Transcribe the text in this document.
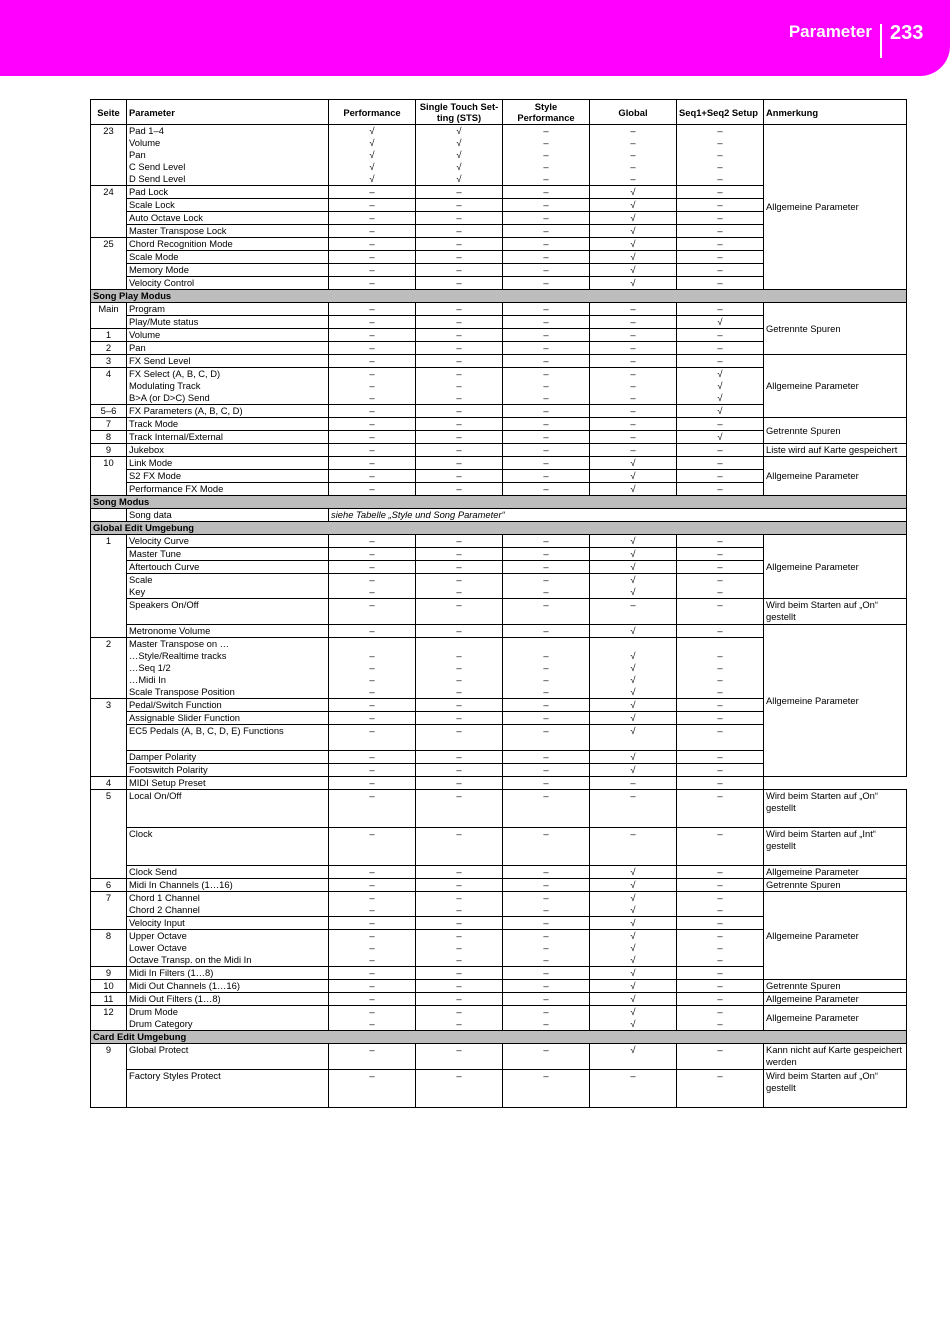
Parameter 233
Seite	Parameter	Performance	Single Touch Set-ting (STS)	Style Performance	Global	Seq1+Seq2 Setup	Anmerkung
23	Pad 1–4	√	√	–	–	–	Allgemeine Parameter
	Volume	√	√	–	–	–	
	Pan	√	√	–	–	–	
	C Send Level	√	√	–	–	–	
	D Send Level	√	√	–	–	–	
24	Pad Lock	–	–	–	√	–	
	Scale Lock	–	–	–	√	–	
	Auto Octave Lock	–	–	–	√	–	
	Master Transpose Lock	–	–	–	√	–	
25	Chord Recognition Mode	–	–	–	√	–	
	Scale Mode	–	–	–	√	–	
	Memory Mode	–	–	–	√	–	
	Velocity Control	–	–	–	√	–	
Song Play Modus							
Main	Program	–	–	–	–	–	Getrennte Spuren
	Play/Mute status	–	–	–	–	√	
1	Volume	–	–	–	–	–	
2	Pan	–	–	–	–	–	
3	FX Send Level	–	–	–	–	–	Allgemeine Parameter
4	FX Select (A, B, C, D)	–	–	–	–	√	
	Modulating Track	–	–	–	–	√	
	B>A (or D>C) Send	–	–	–	–	√	
5–6	FX Parameters (A, B, C, D)	–	–	–	–	√	
7	Track Mode	–	–	–	–	–	Getrennte Spuren
8	Track Internal/External	–	–	–	–	√	
9	Jukebox	–	–	–	–	–	Liste wird auf Karte gespeichert
10	Link Mode	–	–	–	√	–	Allgemeine Parameter
	S2 FX Mode	–	–	–	√	–	
	Performance FX Mode	–	–	–	√	–	
Song Modus							
	Song data	siehe Tabelle „Style und Song Parameter“					
Global Edit Umgebung							
1	Velocity Curve	–	–	–	√	–	Allgemeine Parameter
	Master Tune	–	–	–	√	–	
	Aftertouch Curve	–	–	–	√	–	
	Scale	–	–	–	√	–	
	Key	–	–	–	√	–	
	Speakers On/Off	–	–	–	–	–	Wird beim Starten auf „On“ gestellt
	Metronome Volume	–	–	–	√	–	Allgemeine Parameter
2	Master Transpose on …						
	…Style/Realtime tracks	–	–	–	√	–	
	…Seq 1/2	–	–	–	√	–	
	…Midi In	–	–	–	√	–	
	Scale Transpose Position	–	–	–	√	–	
3	Pedal/Switch Function	–	–	–	√	–	
	Assignable Slider Function	–	–	–	√	–	
	EC5 Pedals (A, B, C, D, E) Functions	–	–	–	√	–	
	Damper Polarity	–	–	–	√	–	
	Footswitch Polarity	–	–	–	√	–	
4	MIDI Setup Preset	–	–	–	–	–	
5	Local On/Off	–	–	–	–	–	Wird beim Starten auf „On“ gestellt
	Clock	–	–	–	–	–	Wird beim Starten auf „Int“ gestellt
	Clock Send	–	–	–	√	–	Allgemeine Parameter
6	Midi In Channels (1…16)	–	–	–	√	–	Getrennte Spuren
7	Chord 1 Channel	–	–	–	√	–	Allgemeine Parameter
	Chord 2 Channel	–	–	–	√	–	
	Velocity Input	–	–	–	√	–	
8	Upper Octave	–	–	–	√	–	
	Lower Octave	–	–	–	√	–	
	Octave Transp. on the Midi In	–	–	–	√	–	
9	Midi In Filters (1…8)	–	–	–	√	–	
10	Midi Out Channels (1…16)	–	–	–	√	–	Getrennte Spuren
11	Midi Out Filters (1…8)	–	–	–	√	–	Allgemeine Parameter
12	Drum Mode	–	–	–	√	–	Allgemeine Parameter
	Drum Category	–	–	–	√	–	
Card Edit Umgebung							
9	Global Protect	–	–	–	√	–	Kann nicht auf Karte gespeichert werden
	Factory Styles Protect	–	–	–	–	–	Wird beim Starten auf „On“ gestellt
